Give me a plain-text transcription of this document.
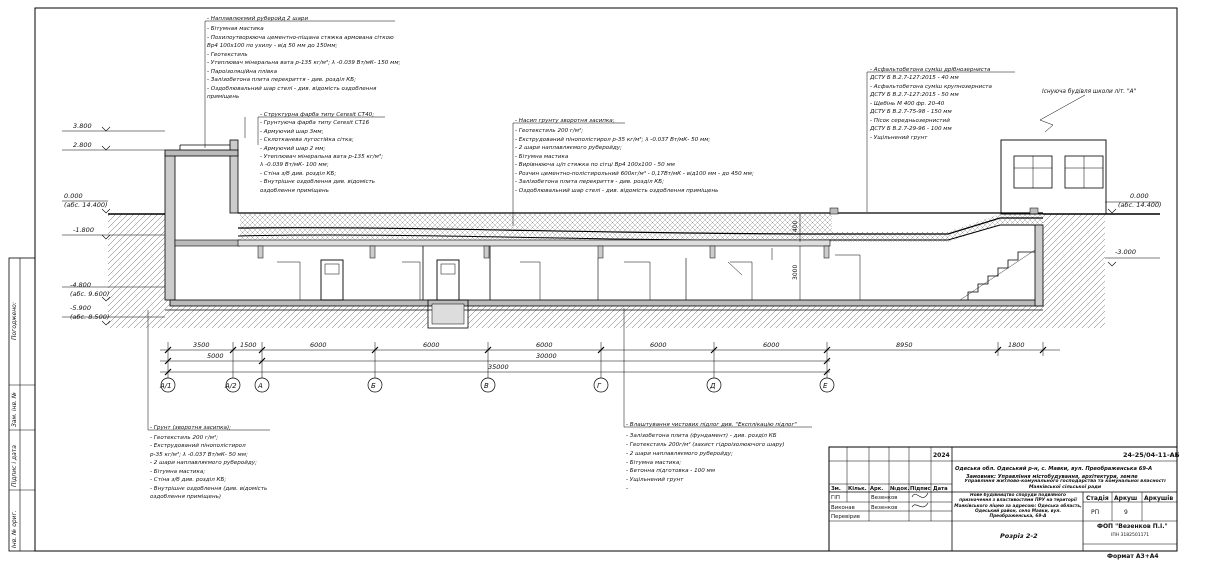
Погоджено:
Зам. інв. №
Підпис і дата
Інв. № ориг.
3.800
2.800
0.000
(абс. 14.400)
-1.800
-4.800
(абс. 9.600)
-5.900
(абс. 8.500)
0.000
(абс. 14.400)
-3.000
400
3000
3500	1500	6000	6000	6000	6000	6000	8950	1800
5000	30000
35000
А/1	А/2	А	Б	В	Г	Д	Е
- Наплавлюємий руберойд 2 шари
- Бітумная мастика
- Похилоутворююча цементно-піщана стяжка армована сіткою
Вр4 100х100 по ухилу - від 50 мм до 150мм;
- Геотекстиль
- Утеплювач мінеральна вата p-135 кг/м³; λ -0.039 Вт/мК- 150 мм;
- Пароізоляційна плівка
- Залізобетона плита перекриття - див. розділ КБ;
- Оздоблювальний шар стелі - див. відомість оздоблення
приміщень
- Структурна фарба типу Ceresit CT40;
- Грунтуюча фарба типу Ceresit CT16
- Армуючий шар 3мм;
- Склотканева лугостійка сітка;
- Армуючий шар 2 мм;
- Утеплювач мінеральна вата p-135 кг/м³;
λ -0.039 Вт/мК- 100 мм;
- Стіна з/б див. розділ КБ;
- Внутрішнє оздоблення див. відомість
оздоблення приміщень
- Насип грунту зворотня засипка;
- Геотекстиль 200 г/м²;
- Екструдований пінополістирол p-35 кг/м³; λ -0.037 Вт/мК- 50 мм;
- 2 шари наплавляємого руберойду;
- Бітумна мастика
- Вирівнююча ц/п стяжка по сітці Вр4 100х100 - 50 мм
- Розчин цементно-полістирольний 600кг/м³ - 0,17Вт/мК - від100 мм - до 450 мм;
- Залізобетона плита перекриття - див. розділ КБ;
- Оздоблювальний шар стелі - див. відомість оздоблення приміщень
- Асфальтобетона суміш дрібнозерниста
ДСТУ Б В.2.7-127:2015 - 40 мм
- Асфальтобетона суміш крупнозерниста
ДСТУ Б В.2.7-127:2015 - 50 мм
- Щебінь М 400 фр. 20-40
ДСТУ Б В.2.7-75-98 - 150 мм
- Пісок середньозернистий
ДСТУ Б В.2.7-29-96 - 100 мм
- Ущільнений грунт
Існуюча будівля школи літ. "А"
- Грунт (зворотня засипка);
- Геотекстиль 200 г/м²;
- Екструдований пінополістирол
p-35 кг/м³; λ -0.037 Вт/мК- 50 мм;
- 2 шари наплавляємого руберойду;
- Бітумна мастика;
- Стіна з/б див. розділ КБ;
- Внутрішнє оздоблення (див. відомість
оздоблення приміщень)
- Влаштування чистових підлог див. "Експлікацію підлог"
- Залізобетона плита (фундамент) - див. розділ КБ
- Геотекстиль 200г/м² (захист гідроізолюючого шару)
- 2 шари наплавляємого руберойду;
- Бітумна мастика;
- Бетонна підготовка - 100 мм
- Ущільнений грунт
-
24-25/04-11-АБ
2024
Одеська обл. Одеський р-н, с. Мавки, вул. Преображенська 69-А
Замовник: Управління містобудування, архітектури, земле
Управління житлово-комунального господарства та комунальної власності Маяківської сільської ради
Зм. Кільк. Арк. №док. Підпис Дата
ГІП	Везенков
Виконав	Везенков
Перевірив
Нове будівництво споруди подвійного призначення з властивостями ПРУ на території Маяківського ліцею за адресою: Одеська область, Одеський район, село Мавки, вул. Преображенська, 69-А
Стадія Аркуш Аркушів
РП	9
Розріз 2-2
ФОП "Везенков П.І."
ІПН 3182501171
Формат А3+А4
